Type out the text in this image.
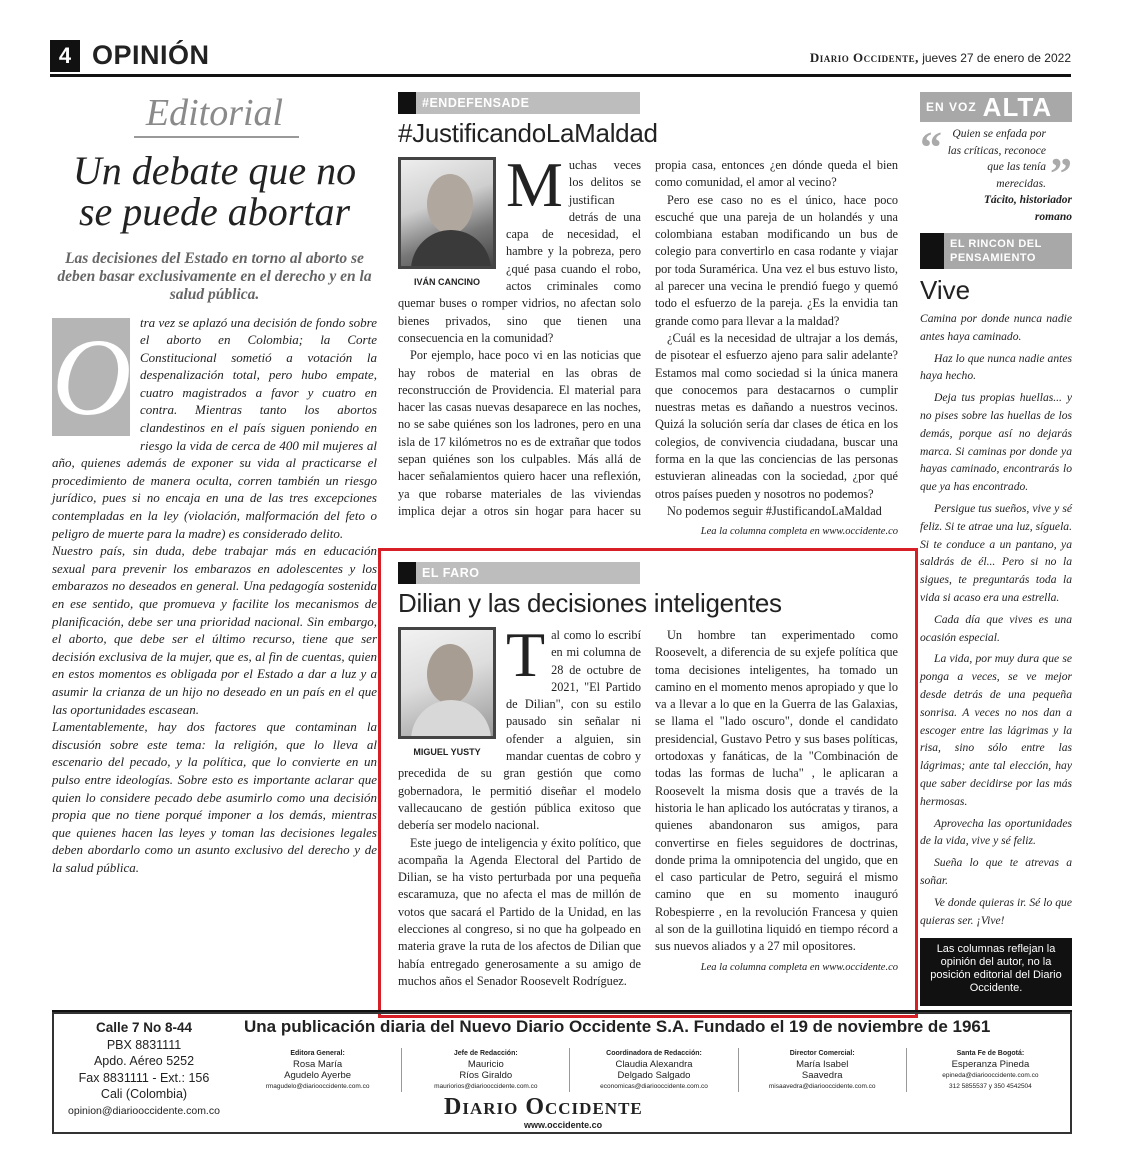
4 OPINIÓN	Diario Occidente, jueves 27 de enero de 2022
Editorial
Un debate que no se puede abortar
Las decisiones del Estado en torno al aborto se deben basar exclusivamente en el derecho y en la salud pública.
O tra vez se aplazó una decisión de fondo sobre el aborto en Colombia; la Corte Constitucional sometió a votación la despenalización total, pero hubo empate, cuatro magistrados a favor y cuatro en contra. Mientras tanto los abortos clandestinos en el país siguen poniendo en riesgo la vida de cerca de 400 mil mujeres al año, quienes además de exponer su vida al practicarse el procedimiento de manera oculta, corren también un riesgo jurídico, pues si no encaja en una de las tres excepciones contempladas en la ley (violación, malformación del feto o peligro de muerte para la madre) es considerado delito.

Nuestro país, sin duda, debe trabajar más en educación sexual para prevenir los embarazos en adolescentes y los embarazos no deseados en general. Una pedagogía sostenida en ese sentido, que promueva y facilite los mecanismos de planificación, debe ser una prioridad nacional. Sin embargo, el aborto, que debe ser el último recurso, tiene que ser decisión exclusiva de la mujer, que es, al fin de cuentas, quien en estos momentos es obligada por el Estado a dar a luz y a asumir la crianza de un hijo no deseado en un país en el que las oportunidades escasean.

Lamentablemente, hay dos factores que contaminan la discusión sobre este tema: la religión, que lo lleva al escenario del pecado, y la política, que lo convierte en un pulso entre ideologías. Sobre esto es importante aclarar que quien lo considere pecado debe asumirlo como una decisión propia que no tiene porqué imponer a los demás, mientras que quienes hacen las leyes y toman las decisiones legales deben abordarlo como un asunto exclusivo del derecho y de la salud pública.

#ENDEFENSADE
#JustificandoLaMaldad
IVÁN CANCINO
M uchas veces los delitos se justifican detrás de una capa de necesidad, el hambre y la pobreza, pero ¿qué pasa cuando el robo, actos criminales como quemar buses o romper vidrios, no afectan solo bienes privados, sino que tienen una consecuencia en la comunidad?

Por ejemplo, hace poco vi en las noticias que hay robos de material en las obras de reconstrucción de Providencia. El material para hacer las casas nuevas desaparece en las noches, no se sabe quiénes son los ladrones, pero en una isla de 17 kilómetros no es de extrañar que todos sepan quiénes son los culpables. Más allá de hacer señalamientos quiero hacer una reflexión, ya que robarse materiales de las viviendas implica dejar a otros sin hogar para hacer su propia casa, entonces ¿en dónde queda el bien como comunidad, el amor al vecino?

Pero ese caso no es el único, hace poco escuché que una pareja de un holandés y una colombiana estaban modificando un bus de colegio para convertirlo en casa rodante y viajar por toda Suramérica. Una vez el bus estuvo listo, al parecer una vecina le prendió fuego y quemó todo el esfuerzo de la pareja. ¿Es la envidia tan grande como para llevar a la maldad?

¿Cuál es la necesidad de ultrajar a los demás, de pisotear el esfuerzo ajeno para salir adelante? Estamos mal como sociedad si la única manera que conocemos para destacarnos o cumplir nuestras metas es dañando a nuestros vecinos. Quizá la solución sería dar clases de ética en los colegios, de convivencia ciudadana, buscar una forma en la que las conciencias de las personas estuvieran alineadas con la sociedad, ¿por qué otros países pueden y nosotros no podemos?

No podemos seguir #JustificandoLaMaldad

Lea la columna completa en www.occidente.co
EL FARO
Dilian y las decisiones inteligentes
MIGUEL YUSTY
T al como lo escribí en mi columna de 28 de octubre de 2021, "El Partido de Dilian", con su estilo pausado sin señalar ni ofender a alguien, sin mandar cuentas de cobro y precedida de su gran gestión que como gobernadora, le permitió diseñar el modelo vallecaucano de gestión pública exitoso que debería ser modelo nacional.

Este juego de inteligencia y éxito político, que acompaña la Agenda Electoral del Partido de Dilian, se ha visto perturbada por una pequeña escaramuza, que no afecta el mas de millón de votos que sacará el Partido de la Unidad, en las elecciones al congreso, si no que ha golpeado en materia grave la ruta de los afectos de Dilian que había entregado generosamente a su amigo de muchos años el Senador Roosevelt Rodríguez.

Un hombre tan experimentado como Roosevelt, a diferencia de su exjefe política que toma decisiones inteligentes, ha tomado un camino en el momento menos apropiado y que lo va a llevar a lo que en la Guerra de las Galaxias, se llama el "lado oscuro", donde el candidato presidencial, Gustavo Petro y sus bases políticas, ortodoxas y fanáticas, de la "Combinación de todas las formas de lucha" , le aplicaran a Roosevelt la misma dosis que a través de la historia le han aplicado los autócratas y tiranos, a quienes abandonaron sus amigos, para convertirse en fieles seguidores de doctrinas, donde prima la omnipotencia del ungido, que en el caso particular de Petro, seguirá el mismo camino que en su momento inauguró Robespierre , en la revolución Francesa y quien al son de la guillotina liquidó en tiempo récord a sus nuevos aliados y a 27 mil opositores.

Lea la columna completa en www.occidente.co
EN VOZ ALTA
“ Quien se enfada por las críticas, reconoce que las tenía merecidas. ”
Tácito, historiador romano
EL RINCON DEL
PENSAMIENTO
Vive

Camina por donde nunca nadie antes haya caminado.

Haz lo que nunca nadie antes haya hecho.

Deja tus propias huellas... y no pises sobre las huellas de los demás, porque así no dejarás marca. Si caminas por donde ya hayas caminado, encontrarás lo que ya has encontrado.

Persigue tus sueños, vive y sé feliz. Si te atrae una luz, síguela. Si te conduce a un pantano, ya saldrás de él... Pero si no la sigues, te preguntarás toda la vida si acaso era una estrella.

Cada día que vives es una ocasión especial.

La vida, por muy dura que se ponga a veces, se ve mejor desde detrás de una pequeña sonrisa. A veces no nos dan a escoger entre las lágrimas y la risa, sino sólo entre las lágrimas; ante tal elección, hay que saber decidirse por las más hermosas.

Aprovecha las oportunidades de la vida, vive y sé feliz.

Sueña lo que te atrevas a soñar.

Ve donde quieras ir. Sé lo que quieras ser. ¡Vive!

Las columnas reflejan la opinión del autor, no la posición editorial del Diario Occidente.
Calle 7 No 8-44
PBX 8831111
Apdo. Aéreo 5252
Fax 8831111 - Ext.: 156
Cali (Colombia)
opinion@diariooccidente.com.co
Una publicación diaria del Nuevo Diario Occidente S.A. Fundado el 19 de noviembre de 1961
Editora General:
Rosa María
Agudelo Ayerbe
rmagudelo@diariooccidente.com.co
Jefe de Redacción:
Mauricio
Ríos Giraldo
mauriorios@diariooccidente.com.co
Coordinadora de Redacción:
Claudia Alexandra
Delgado Salgado
economicas@diariooccidente.com.co
Director Comercial:
María Isabel
Saavedra
misaavedra@diariooccidente.com.co
Santa Fe de Bogotá:
Esperanza Pineda
epineda@diariooccidente.com.co
312 5855537 y 350 4542504
Diario Occidente
www.occidente.co
